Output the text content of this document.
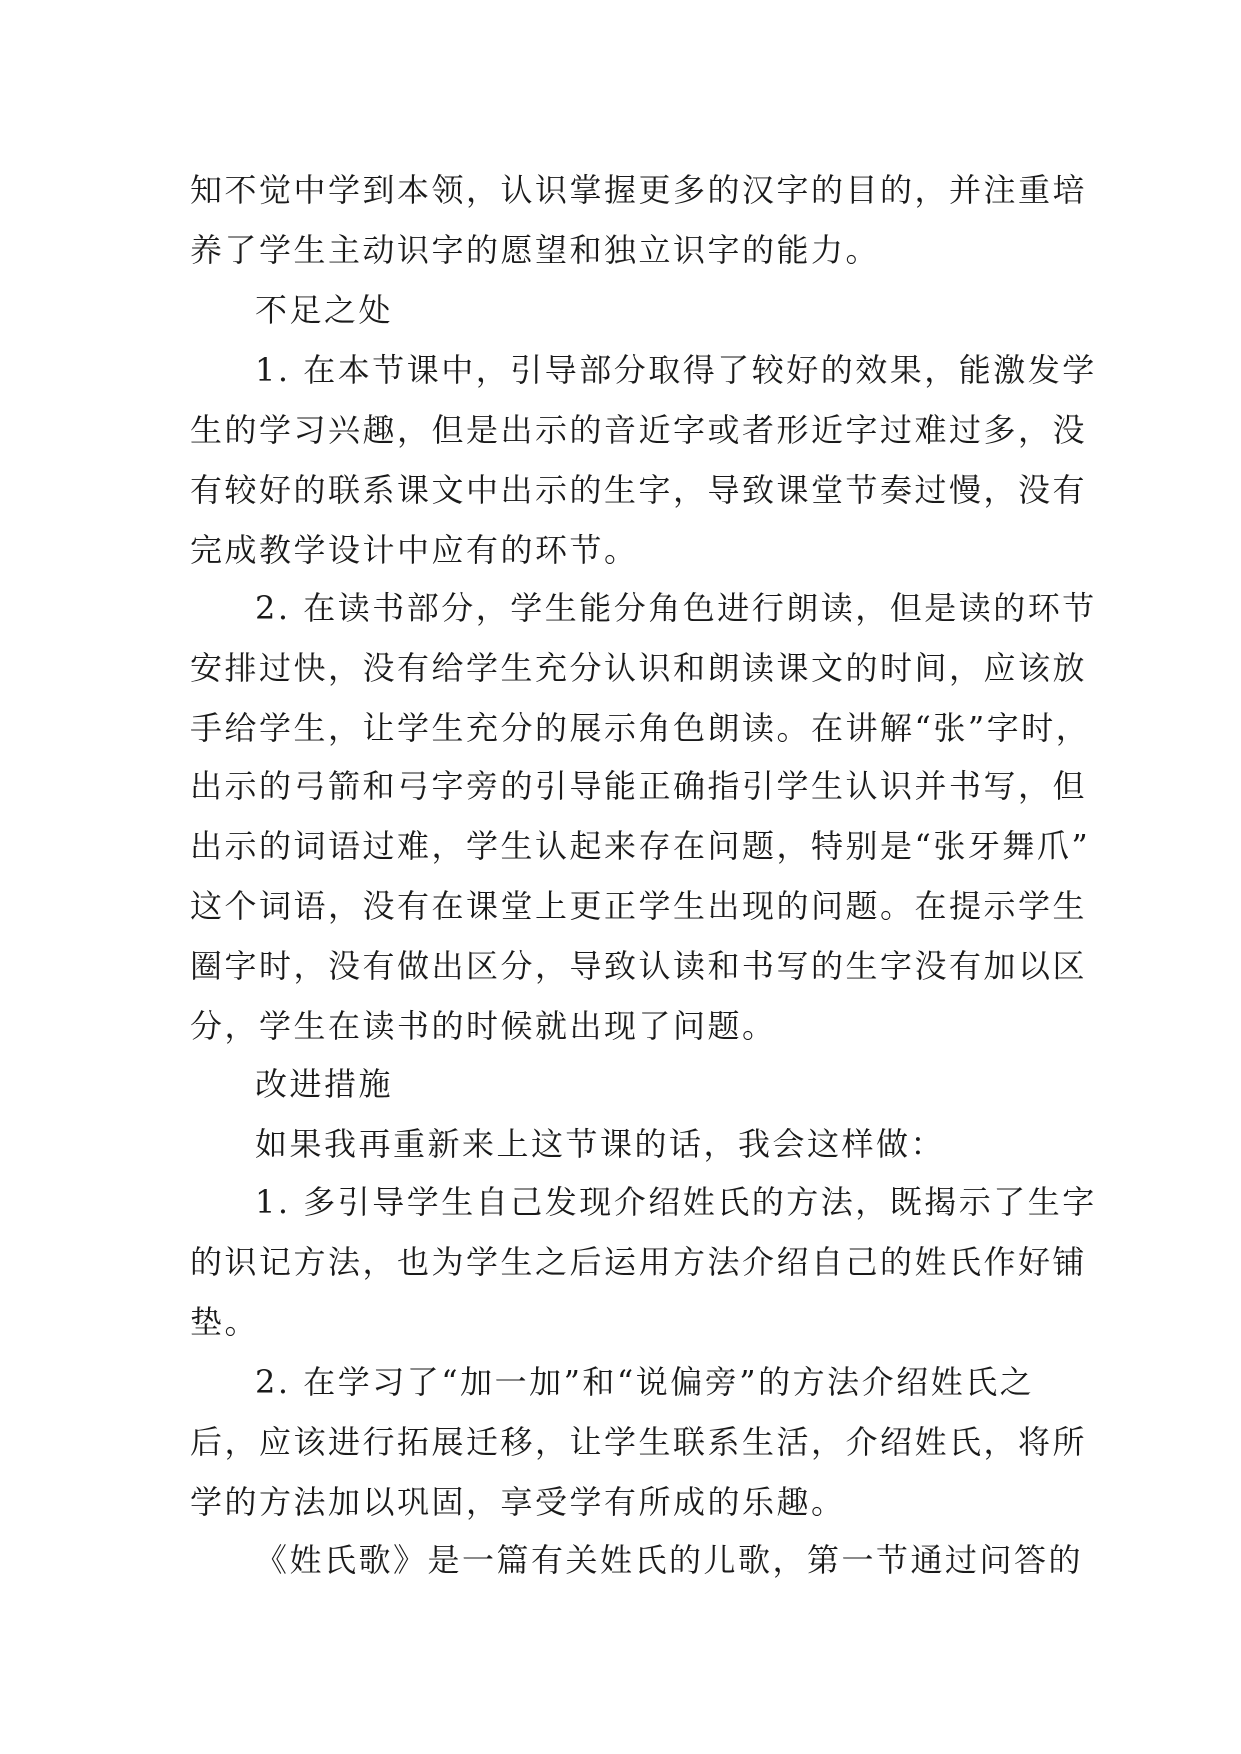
知不觉中学到本领，认识掌握更多的汉字的目的，并注重培
养了学生主动识字的愿望和独立识字的能力。
不足之处
1. 在本节课中，引导部分取得了较好的效果，能激发学
生的学习兴趣，但是出示的音近字或者形近字过难过多，没
有较好的联系课文中出示的生字，导致课堂节奏过慢，没有
完成教学设计中应有的环节。
2. 在读书部分，学生能分角色进行朗读，但是读的环节
安排过快，没有给学生充分认识和朗读课文的时间，应该放
手给学生，让学生充分的展示角色朗读。在讲解“张”字时，
出示的弓箭和弓字旁的引导能正确指引学生认识并书写，但
出示的词语过难，学生认起来存在问题，特别是“张牙舞爪”
这个词语，没有在课堂上更正学生出现的问题。在提示学生
圈字时，没有做出区分，导致认读和书写的生字没有加以区
分，学生在读书的时候就出现了问题。
改进措施
如果我再重新来上这节课的话，我会这样做：
1. 多引导学生自己发现介绍姓氏的方法，既揭示了生字
的识记方法，也为学生之后运用方法介绍自己的姓氏作好铺
垫。
2. 在学习了“加一加”和“说偏旁”的方法介绍姓氏之
后，应该进行拓展迁移，让学生联系生活，介绍姓氏，将所
学的方法加以巩固，享受学有所成的乐趣。
《姓氏歌》是一篇有关姓氏的儿歌，第一节通过问答的
